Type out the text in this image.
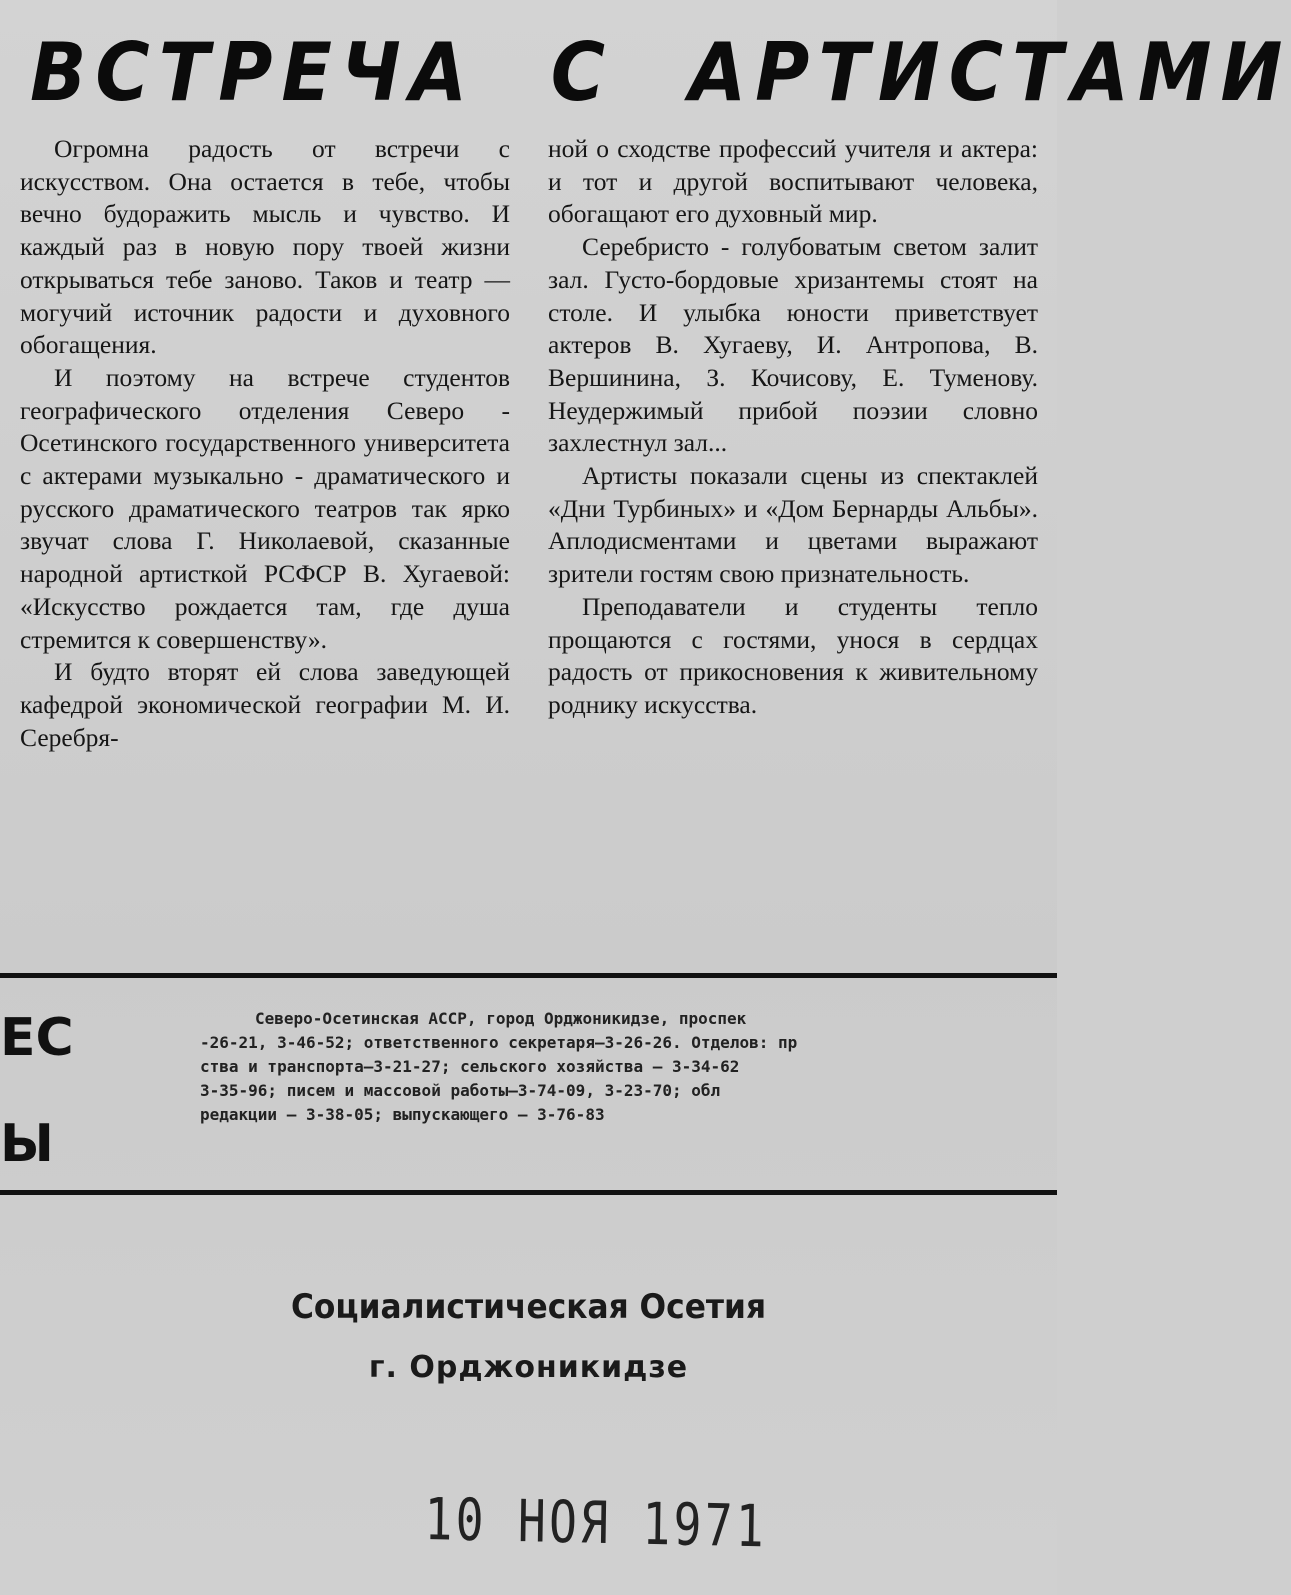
ВСТРЕЧА С АРТИСТАМИ

Огромна радость от встречи с искусством. Она остается в тебе, чтобы вечно будоражить мысль и чувство. И каждый раз в новую пору твоей жизни открываться тебе заново. Таков и театр — могучий источник радости и духовного обогащения.

И поэтому на встрече студентов географического отделения Северо - Осетинского государственного университета с актерами музыкально - драматического и русского драматического театров так ярко звучат слова Г. Николаевой, сказанные народной артисткой РСФСР В. Хугаевой: «Искусство рождается там, где душа стремится к совершенству».

И будто вторят ей слова заведующей кафедрой экономической географии М. И. Серебря-

ной о сходстве профессий учителя и актера: и тот и другой воспитывают человека, обогащают его духовный мир.

Серебристо - голубоватым светом залит зал. Густо-бордовые хризантемы стоят на столе. И улыбка юности приветствует актеров В. Хугаеву, И. Антропова, В. Вершинина, З. Кочисову, Е. Туменову. Неудержимый прибой поэзии словно захлестнул зал...

Артисты показали сцены из спектаклей «Дни Турбиных» и «Дом Бернарды Альбы». Аплодисментами и цветами выражают зрители гостям свою признательность.

Преподаватели и студенты тепло прощаются с гостями, унося в сердцах радость от прикосновения к живительному роднику искусства.

ЕС
Ы
Северо-Осетинская АССР, город Орджоникидзе, проспек
-26-21, 3-46-52; ответственного секретаря—3-26-26. Отделов: пр
ства и транспорта—3-21-27; сельского хозяйства — 3-34-62
3-35-96; писем и массовой работы—3-74-09, 3-23-70; обл
редакции — 3-38-05; выпускающего — 3-76-83
Социалистическая Осетия
г. Орджоникидзе
10 НОЯ 1971
